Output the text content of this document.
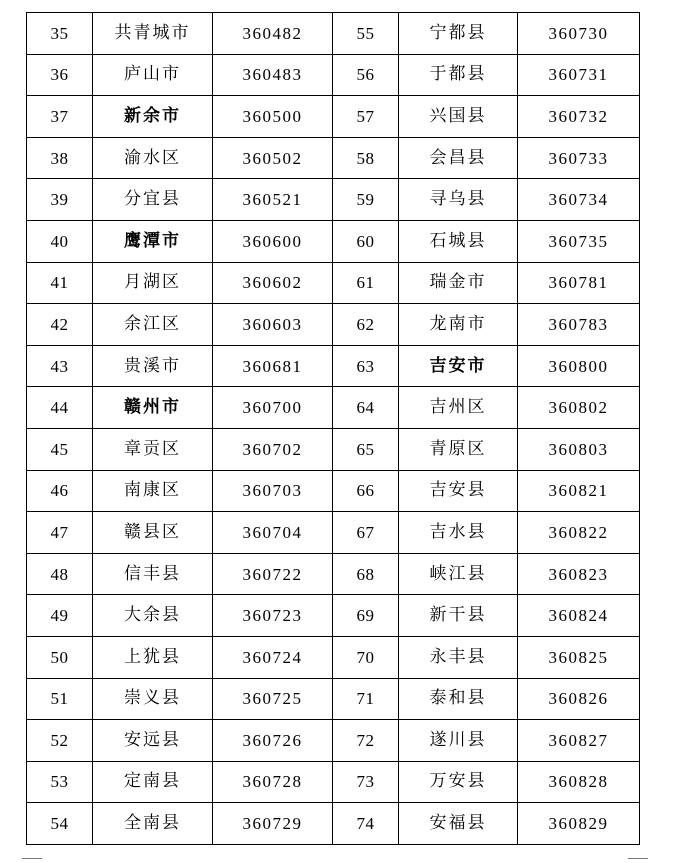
35	共青城市	360482	55	宁都县	360730
36	庐山市	360483	56	于都县	360731
37	新余市	360500	57	兴国县	360732
38	渝水区	360502	58	会昌县	360733
39	分宜县	360521	59	寻乌县	360734
40	鹰潭市	360600	60	石城县	360735
41	月湖区	360602	61	瑞金市	360781
42	余江区	360603	62	龙南市	360783
43	贵溪市	360681	63	吉安市	360800
44	赣州市	360700	64	吉州区	360802
45	章贡区	360702	65	青原区	360803
46	南康区	360703	66	吉安县	360821
47	赣县区	360704	67	吉水县	360822
48	信丰县	360722	68	峡江县	360823
49	大余县	360723	69	新干县	360824
50	上犹县	360724	70	永丰县	360825
51	崇义县	360725	71	泰和县	360826
52	安远县	360726	72	遂川县	360827
53	定南县	360728	73	万安县	360828
54	全南县	360729	74	安福县	360829
